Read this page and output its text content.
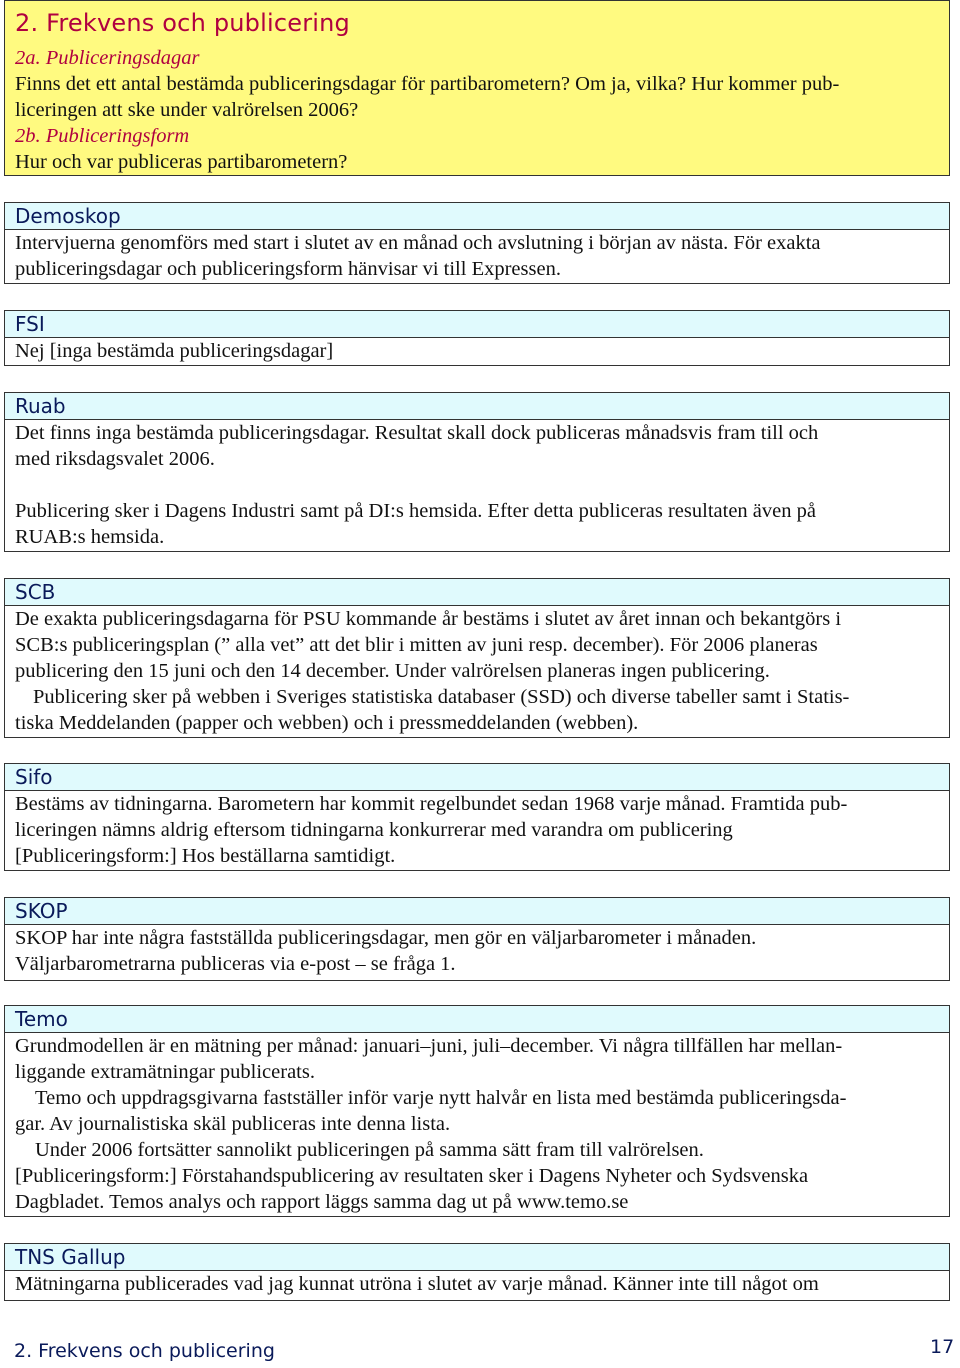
2. Frekvens och publicering
2a. Publiceringsdagar
Finns det ett antal bestämda publiceringsdagar för partibarometern? Om ja, vilka? Hur kommer pub-
liceringen att ske under valrörelsen 2006?
2b. Publiceringsform
Hur och var publiceras partibarometern?
Demoskop
Intervjuerna genomförs med start i slutet av en månad och avslutning i början av nästa. För exakta
publiceringsdagar och publiceringsform hänvisar vi till Expressen.
FSI
Nej [inga bestämda publiceringsdagar]
Ruab
Det finns inga bestämda publiceringsdagar. Resultat skall dock publiceras månadsvis fram till och
med riksdagsvalet 2006.
Publicering sker i Dagens Industri samt på DI:s hemsida. Efter detta publiceras resultaten även på
RUAB:s hemsida.
SCB
De exakta publiceringsdagarna för PSU kommande år bestäms i slutet av året innan och bekantgörs i
SCB:s publiceringsplan (” alla vet” att det blir i mitten av juni resp. december). För 2006 planeras
publicering den 15 juni och den 14 december. Under valrörelsen planeras ingen publicering.
Publicering sker på webben i Sveriges statistiska databaser (SSD) och diverse tabeller samt i Statis-
tiska Meddelanden (papper och webben) och i pressmeddelanden (webben).
Sifo
Bestäms av tidningarna. Barometern har kommit regelbundet sedan 1968 varje månad. Framtida pub-
liceringen nämns aldrig eftersom tidningarna konkurrerar med varandra om publicering
[Publiceringsform:] Hos beställarna samtidigt.
SKOP
SKOP har inte några fastställda publiceringsdagar, men gör en väljarbarometer i månaden.
Väljarbarometrarna publiceras via e-post – se fråga 1.
Temo
Grundmodellen är en mätning per månad: januari–juni, juli–december. Vi några tillfällen har mellan-
liggande extramätningar publicerats.
Temo och uppdragsgivarna fastställer inför varje nytt halvår en lista med bestämda publiceringsda-
gar. Av journalistiska skäl publiceras inte denna lista.
Under 2006 fortsätter sannolikt publiceringen på samma sätt fram till valrörelsen.
[Publiceringsform:] Förstahandspublicering av resultaten sker i Dagens Nyheter och Sydsvenska
Dagbladet. Temos analys och rapport läggs samma dag ut på www.temo.se
TNS Gallup
Mätningarna publicerades vad jag kunnat utröna i slutet av varje månad. Känner inte till något om
2. Frekvens och publicering	17
